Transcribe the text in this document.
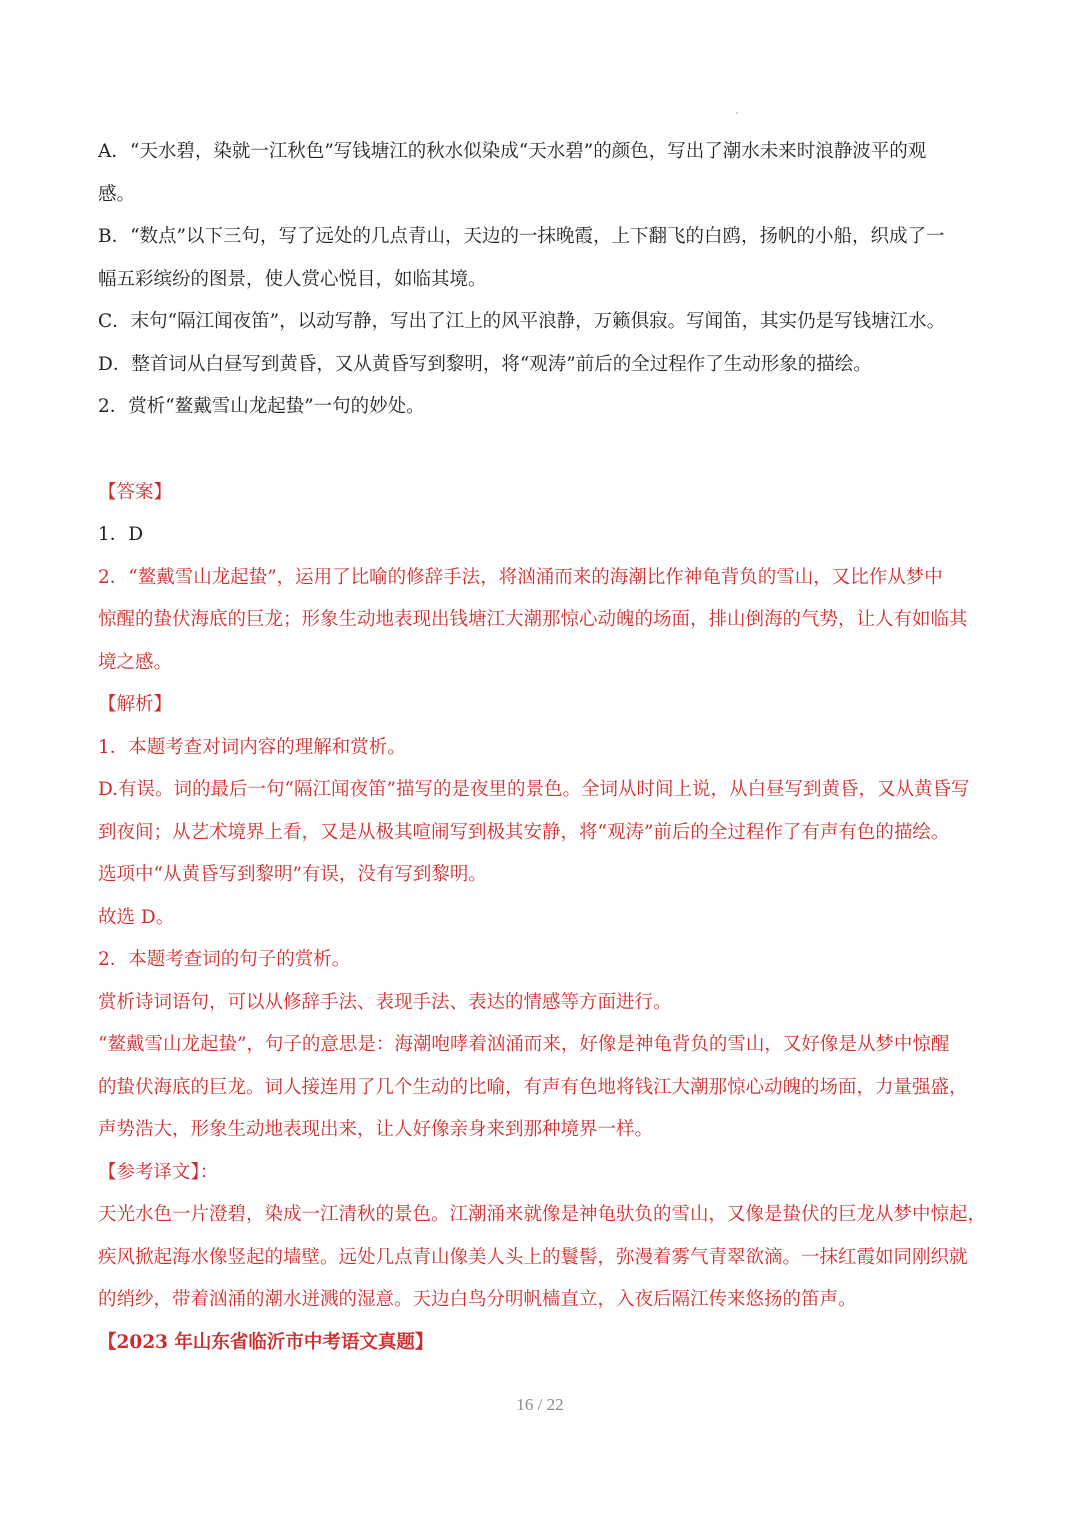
A．“天水碧，染就一江秋色”写钱塘江的秋水似染成“天水碧”的颜色，写出了潮水未来时浪静波平的观
感。
B．“数点”以下三句，写了远处的几点青山，天边的一抹晚霞，上下翻飞的白鸥，扬帆的小船，织成了一
幅五彩缤纷的图景，使人赏心悦目，如临其境。
C．末句“隔江闻夜笛”，以动写静，写出了江上的风平浪静，万籁俱寂。写闻笛，其实仍是写钱塘江水。
D．整首词从白昼写到黄昏，又从黄昏写到黎明，将“观涛”前后的全过程作了生动形象的描绘。
2．赏析“鳌戴雪山龙起蛰”一句的妙处。
【答案】
1．D
2．“鳌戴雪山龙起蛰”，运用了比喻的修辞手法，将汹涌而来的海潮比作神龟背负的雪山，又比作从梦中
惊醒的蛰伏海底的巨龙；形象生动地表现出钱塘江大潮那惊心动魄的场面，排山倒海的气势，让人有如临其
境之感。
【解析】
1．本题考查对词内容的理解和赏析。
D.有误。词的最后一句“隔江闻夜笛”描写的是夜里的景色。全词从时间上说，从白昼写到黄昏，又从黄昏写
到夜间；从艺术境界上看，又是从极其喧闹写到极其安静，将“观涛”前后的全过程作了有声有色的描绘。
选项中“从黄昏写到黎明”有误，没有写到黎明。
故选 D。
2．本题考查词的句子的赏析。
赏析诗词语句，可以从修辞手法、表现手法、表达的情感等方面进行。
“鳌戴雪山龙起蛰”，句子的意思是：海潮咆哮着汹涌而来，好像是神龟背负的雪山，又好像是从梦中惊醒
的蛰伏海底的巨龙。词人接连用了几个生动的比喻，有声有色地将钱江大潮那惊心动魄的场面，力量强盛，
声势浩大，形象生动地表现出来，让人好像亲身来到那种境界一样。
【参考译文】：
天光水色一片澄碧，染成一江清秋的景色。江潮涌来就像是神龟驮负的雪山，又像是蛰伏的巨龙从梦中惊起，
疾风掀起海水像竖起的墙壁。远处几点青山像美人头上的鬟髻，弥漫着雾气青翠欲滴。一抹红霞如同刚织就
的绡纱，带着汹涌的潮水迸溅的湿意。天边白鸟分明帆樯直立，入夜后隔江传来悠扬的笛声。
【2023 年山东省临沂市中考语文真题】
16 / 22
